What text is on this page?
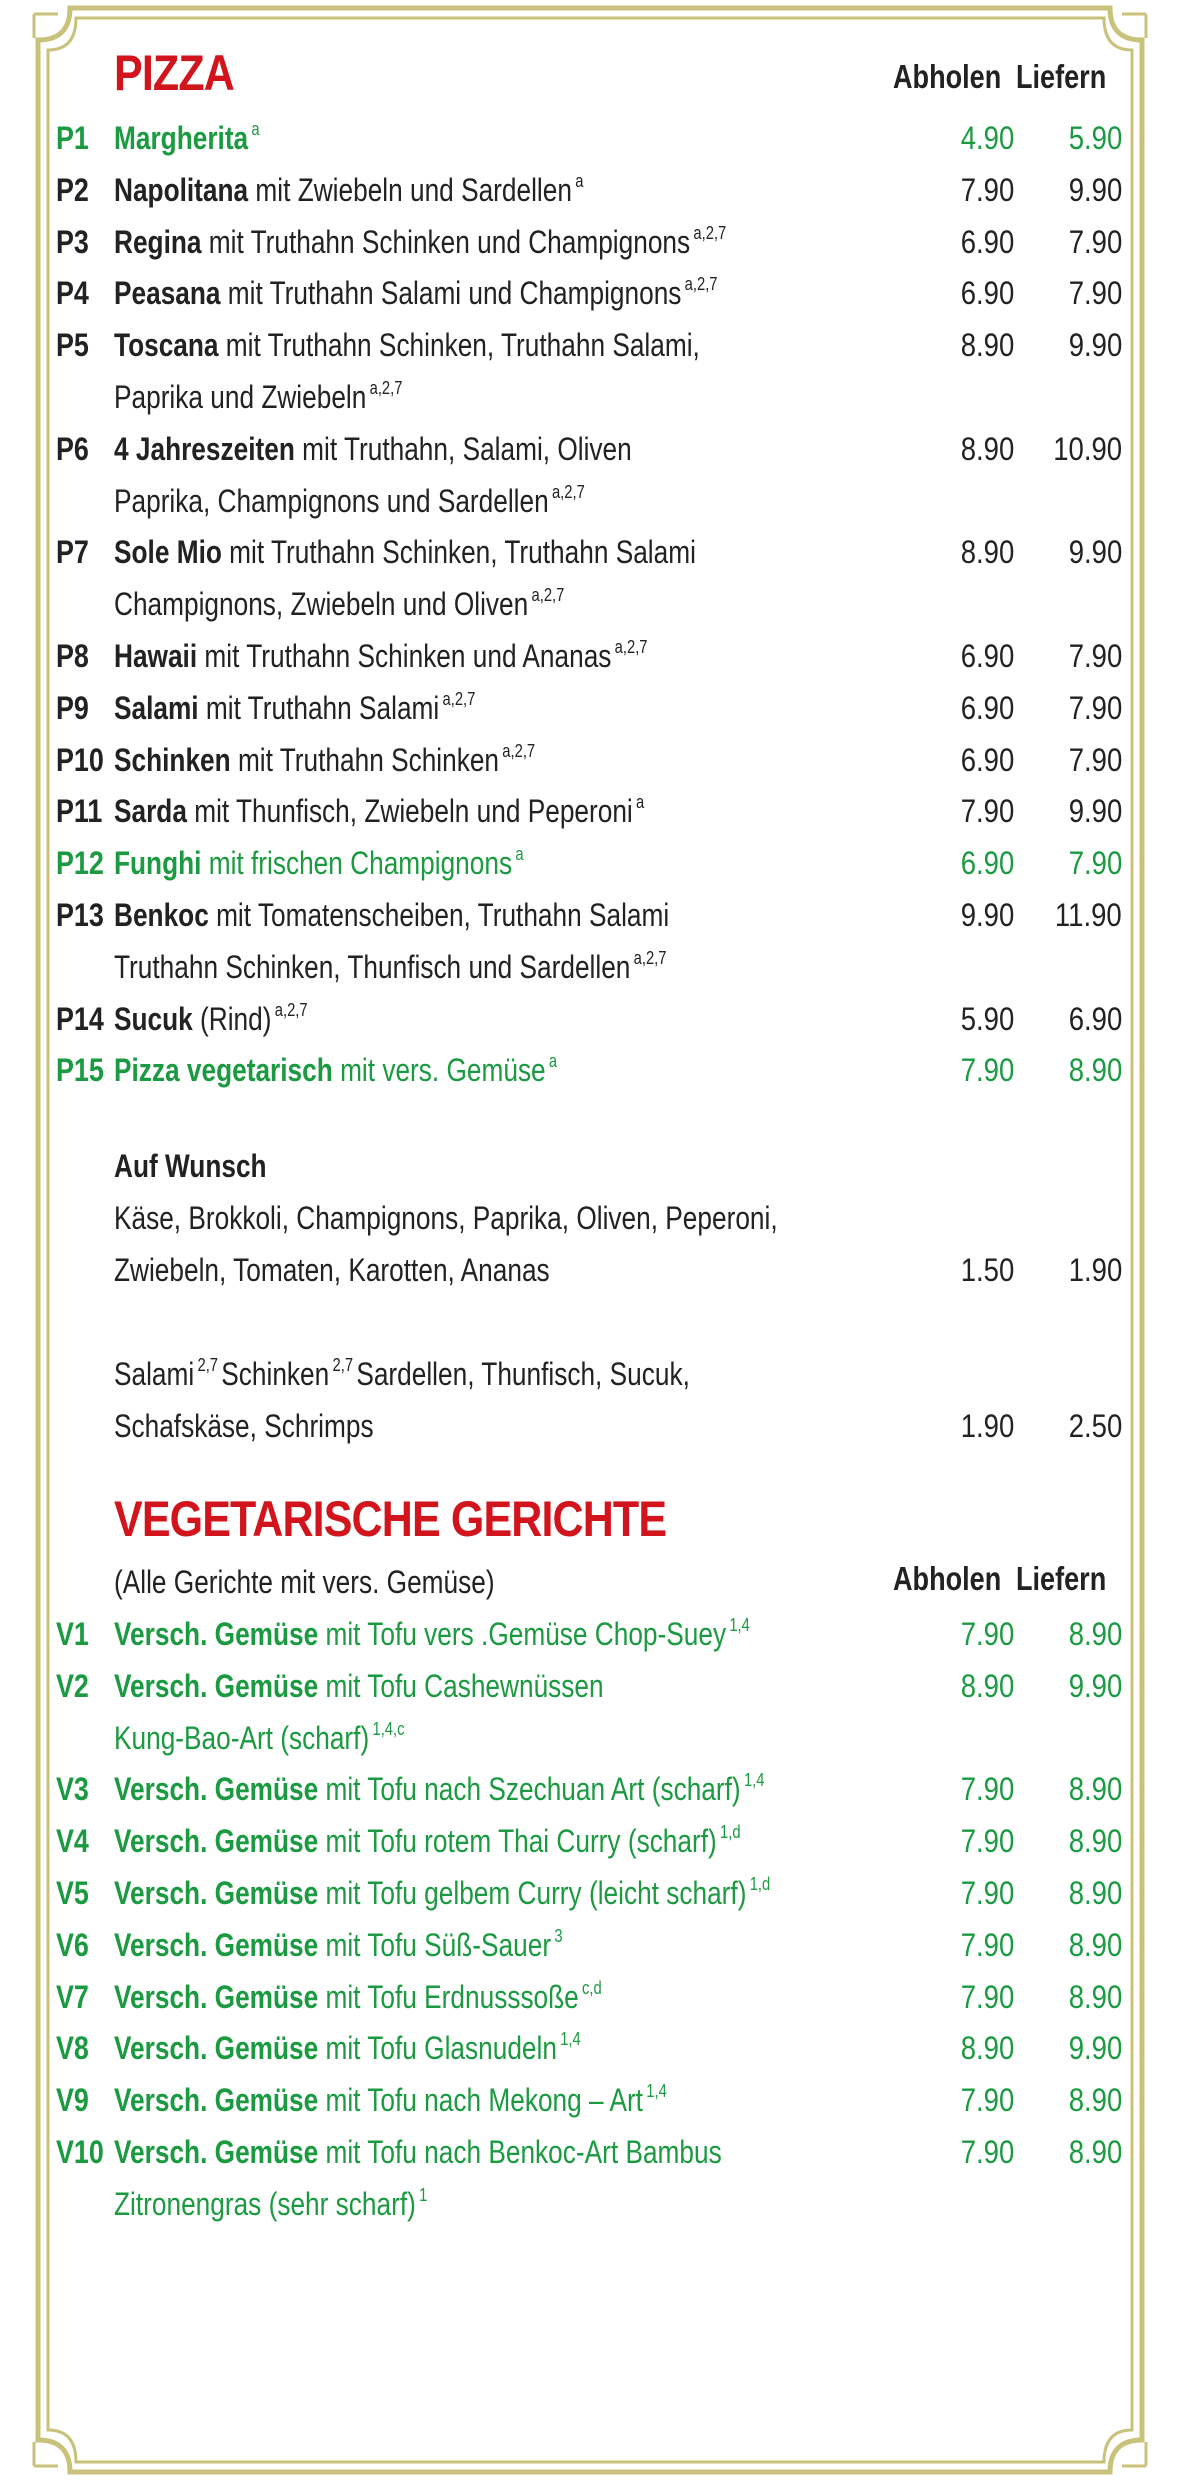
PIZZA	Abholen Liefern
P1 Margherita $^a$	4.90 5.90
P2 Napolitana mit Zwiebeln und Sardellen $^a$	7.90 9.90
P3 Regina mit Truthahn Schinken und Champignons $^{a,2,7}$	6.90 7.90
P4 Peasana mit Truthahn Salami und Champignons $^{a,2,7}$	6.90 7.90
P5 Toscana mit Truthahn Schinken, Truthahn Salami,	8.90 9.90
Paprika und Zwiebeln $^{a,2,7}$
P6 4 Jahreszeiten mit Truthahn, Salami, Oliven	8.90 10.90
Paprika, Champignons und Sardellen $^{a,2,7}$
P7 Sole Mio mit Truthahn Schinken, Truthahn Salami	8.90 9.90
Champignons, Zwiebeln und Oliven $^{a,2,7}$
P8 Hawaii mit Truthahn Schinken und Ananas $^{a,2,7}$	6.90 7.90
P9 Salami mit Truthahn Salami $^{a,2,7}$	6.90 7.90
P10 Schinken mit Truthahn Schinken $^{a,2,7}$	6.90 7.90
P11 Sarda mit Thunfisch, Zwiebeln und Peperoni $^a$	7.90 9.90
P12 Funghi mit frischen Champignons $^a$	6.90 7.90
P13 Benkoc mit Tomatenscheiben, Truthahn Salami	9.90 11.90
Truthahn Schinken, Thunfisch und Sardellen $^{a,2,7}$
P14 Sucuk (Rind) $^{a,2,7}$	5.90 6.90
P15 Pizza vegetarisch mit vers. Gemüse $^a$	7.90 8.90
Auf Wunsch
Käse, Brokkoli, Champignons, Paprika, Oliven, Peperoni,
Zwiebeln, Tomaten, Karotten, Ananas	1.50 1.90
Salami $^{2,7}$ Schinken $^{2,7}$ Sardellen, Thunfisch, Sucuk,
Schafskäse, Schrimps	1.90 2.50
VEGETARISCHE GERICHTE
(Alle Gerichte mit vers. Gemüse)	Abholen Liefern
V1 Versch. Gemüse mit Tofu vers .Gemüse Chop-Suey $^{1,4}$	7.90 8.90
V2 Versch. Gemüse mit Tofu Cashewnüssen	8.90 9.90
Kung-Bao-Art (scharf) $^{1,4,c}$
V3 Versch. Gemüse mit Tofu nach Szechuan Art (scharf) $^{1,4}$	7.90 8.90
V4 Versch. Gemüse mit Tofu rotem Thai Curry (scharf) $^{1,d}$	7.90 8.90
V5 Versch. Gemüse mit Tofu gelbem Curry (leicht scharf) $^{1,d}$	7.90 8.90
V6 Versch. Gemüse mit Tofu Süß-Sauer $^3$	7.90 8.90
V7 Versch. Gemüse mit Tofu Erdnusssoße $^{c,d}$	7.90 8.90
V8 Versch. Gemüse mit Tofu Glasnudeln $^{1,4}$	8.90 9.90
V9 Versch. Gemüse mit Tofu nach Mekong – Art $^{1,4}$	7.90 8.90
V10 Versch. Gemüse mit Tofu nach Benkoc-Art Bambus	7.90 8.90
Zitronengras (sehr scharf) $^1$
